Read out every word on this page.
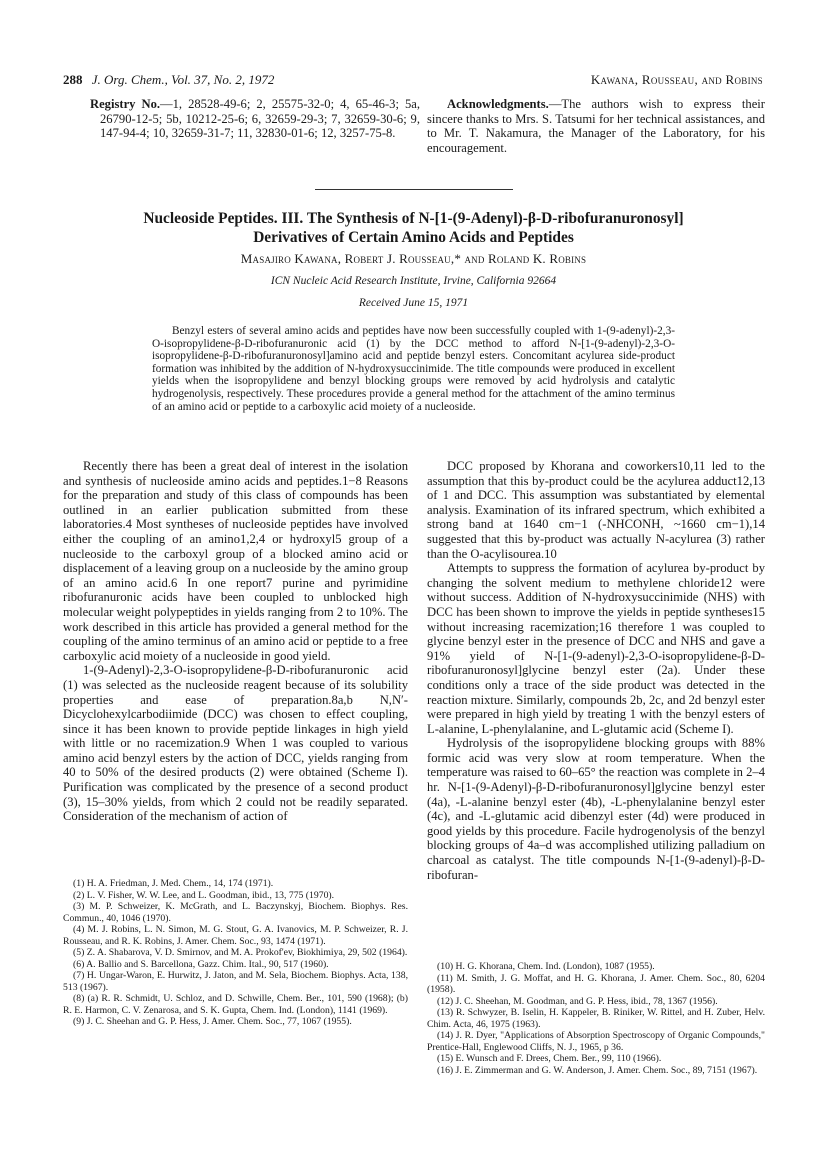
288 J. Org. Chem., Vol. 37, No. 2, 1972	Kawana, Rousseau, and Robins
Registry No.—1, 28528-49-6; 2, 25575-32-0; 4, 65-46-3; 5a, 26790-12-5; 5b, 10212-25-6; 6, 32659-29-3; 7, 32659-30-6; 9, 147-94-4; 10, 32659-31-7; 11, 32830-01-6; 12, 3257-75-8.
Acknowledgments.—The authors wish to express their sincere thanks to Mrs. S. Tatsumi for her technical assistances, and to Mr. T. Nakamura, the Manager of the Laboratory, for his encouragement.
Nucleoside Peptides. III. The Synthesis of N-[1-(9-Adenyl)-β-D-ribofuranuronosyl]
Derivatives of Certain Amino Acids and Peptides
Masajiro Kawana, Robert J. Rousseau,* and Roland K. Robins
ICN Nucleic Acid Research Institute, Irvine, California 92664
Received June 15, 1971
Benzyl esters of several amino acids and peptides have now been successfully coupled with 1-(9-adenyl)-2,3-O-isopropylidene-β-D-ribofuranuronic acid (1) by the DCC method to afford N-[1-(9-adenyl)-2,3-O-isopropylidene-β-D-ribofuranuronosyl]amino acid and peptide benzyl esters. Concomitant acylurea side-product formation was inhibited by the addition of N-hydroxysuccinimide. The title compounds were produced in excellent yields when the isopropylidene and benzyl blocking groups were removed by acid hydrolysis and catalytic hydrogenolysis, respectively. These procedures provide a general method for the attachment of the amino terminus of an amino acid or peptide to a carboxylic acid moiety of a nucleoside.

Recently there has been a great deal of interest in the isolation and synthesis of nucleoside amino acids and peptides.1−8 Reasons for the preparation and study of this class of compounds has been outlined in an earlier publication submitted from these laboratories.4 Most syntheses of nucleoside peptides have involved either the coupling of an amino1,2,4 or hydroxyl5 group of a nucleoside to the carboxyl group of a blocked amino acid or displacement of a leaving group on a nucleoside by the amino group of an amino acid.6 In one report7 purine and pyrimidine ribofuranuronic acids have been coupled to unblocked high molecular weight polypeptides in yields ranging from 2 to 10%. The work described in this article has provided a general method for the coupling of the amino terminus of an amino acid or peptide to a free carboxylic acid moiety of a nucleoside in good yield.

1-(9-Adenyl)-2,3-O-isopropylidene-β-D-ribofuranuronic acid (1) was selected as the nucleoside reagent because of its solubility properties and ease of preparation.8a,b N,N′-Dicyclohexylcarbodiimide (DCC) was chosen to effect coupling, since it has been known to provide peptide linkages in high yield with little or no racemization.9 When 1 was coupled to various amino acid benzyl esters by the action of DCC, yields ranging from 40 to 50% of the desired products (2) were obtained (Scheme I). Purification was complicated by the presence of a second product (3), 15–30% yields, from which 2 could not be readily separated. Consideration of the mechanism of action of

DCC proposed by Khorana and coworkers10,11 led to the assumption that this by-product could be the acylurea adduct12,13 of 1 and DCC. This assumption was substantiated by elemental analysis. Examination of its infrared spectrum, which exhibited a strong band at 1640 cm−1 (-NHCONH, ~1660 cm−1),14 suggested that this by-product was actually N-acylurea (3) rather than the O-acylisourea.10

Attempts to suppress the formation of acylurea by-product by changing the solvent medium to methylene chloride12 were without success. Addition of N-hydroxysuccinimide (NHS) with DCC has been shown to improve the yields in peptide syntheses15 without increasing racemization;16 therefore 1 was coupled to glycine benzyl ester in the presence of DCC and NHS and gave a 91% yield of N-[1-(9-adenyl)-2,3-O-isopropylidene-β-D-ribofuranuronosyl]glycine benzyl ester (2a). Under these conditions only a trace of the side product was detected in the reaction mixture. Similarly, compounds 2b, 2c, and 2d benzyl ester were prepared in high yield by treating 1 with the benzyl esters of L-alanine, L-phenylalanine, and L-glutamic acid (Scheme I).

Hydrolysis of the isopropylidene blocking groups with 88% formic acid was very slow at room temperature. When the temperature was raised to 60–65° the reaction was complete in 2–4 hr. N-[1-(9-Adenyl)-β-D-ribofuranuronosyl]glycine benzyl ester (4a), -L-alanine benzyl ester (4b), -L-phenylalanine benzyl ester (4c), and -L-glutamic acid dibenzyl ester (4d) were produced in good yields by this procedure. Facile hydrogenolysis of the benzyl blocking groups of 4a–d was accomplished utilizing palladium on charcoal as catalyst. The title compounds N-[1-(9-adenyl)-β-D-ribofuran-

(1) H. A. Friedman, J. Med. Chem., 14, 174 (1971).
(2) L. V. Fisher, W. W. Lee, and L. Goodman, ibid., 13, 775 (1970).
(3) M. P. Schweizer, K. McGrath, and L. Baczynskyj, Biochem. Biophys. Res. Commun., 40, 1046 (1970).
(4) M. J. Robins, L. N. Simon, M. G. Stout, G. A. Ivanovics, M. P. Schweizer, R. J. Rousseau, and R. K. Robins, J. Amer. Chem. Soc., 93, 1474 (1971).
(5) Z. A. Shabarova, V. D. Smirnov, and M. A. Prokof'ev, Biokhimiya, 29, 502 (1964).
(6) A. Ballio and S. Barcellona, Gazz. Chim. Ital., 90, 517 (1960).
(7) H. Ungar-Waron, E. Hurwitz, J. Jaton, and M. Sela, Biochem. Biophys. Acta, 138, 513 (1967).
(8) (a) R. R. Schmidt, U. Schloz, and D. Schwille, Chem. Ber., 101, 590 (1968); (b) R. E. Harmon, C. V. Zenarosa, and S. K. Gupta, Chem. Ind. (London), 1141 (1969).
(9) J. C. Sheehan and G. P. Hess, J. Amer. Chem. Soc., 77, 1067 (1955).
(10) H. G. Khorana, Chem. Ind. (London), 1087 (1955).
(11) M. Smith, J. G. Moffat, and H. G. Khorana, J. Amer. Chem. Soc., 80, 6204 (1958).
(12) J. C. Sheehan, M. Goodman, and G. P. Hess, ibid., 78, 1367 (1956).
(13) R. Schwyzer, B. Iselin, H. Kappeler, B. Riniker, W. Rittel, and H. Zuber, Helv. Chim. Acta, 46, 1975 (1963).
(14) J. R. Dyer, "Applications of Absorption Spectroscopy of Organic Compounds," Prentice-Hall, Englewood Cliffs, N. J., 1965, p 36.
(15) E. Wunsch and F. Drees, Chem. Ber., 99, 110 (1966).
(16) J. E. Zimmerman and G. W. Anderson, J. Amer. Chem. Soc., 89, 7151 (1967).
